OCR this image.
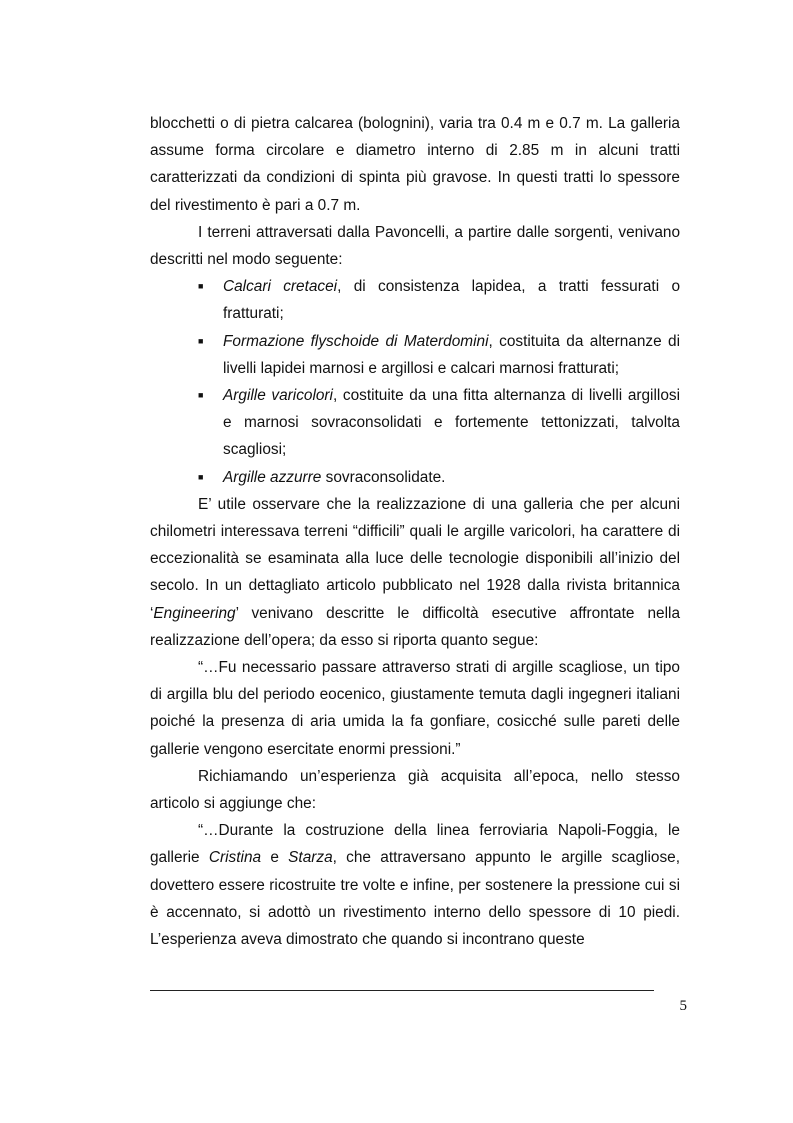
blocchetti o di pietra calcarea (bolognini), varia tra 0.4 m e 0.7 m. La galleria assume forma circolare e diametro interno di 2.85 m in alcuni tratti caratterizzati da condizioni di spinta più gravose. In questi tratti lo spessore del rivestimento è pari a 0.7 m.

I terreni attraversati dalla Pavoncelli, a partire dalle sorgenti, venivano descritti nel modo seguente:

■ Calcari cretacei, di consistenza lapidea, a tratti fessurati o fratturati;
■ Formazione flyschoide di Materdomini, costituita da alternanze di livelli lapidei marnosi e argillosi e calcari marnosi fratturati;
■ Argille varicolori, costituite da una fitta alternanza di livelli argillosi e marnosi sovraconsolidati e fortemente tettonizzati, talvolta scagliosi;
■ Argille azzurre sovraconsolidate.

E’ utile osservare che la realizzazione di una galleria che per alcuni chilometri interessava terreni “difficili” quali le argille varicolori, ha carattere di eccezionalità se esaminata alla luce delle tecnologie disponibili all’inizio del secolo. In un dettagliato articolo pubblicato nel 1928 dalla rivista britannica ‘Engineering’ venivano descritte le difficoltà esecutive affrontate nella realizzazione dell’opera; da esso si riporta quanto segue:

“…Fu necessario passare attraverso strati di argille scagliose, un tipo di argilla blu del periodo eocenico, giustamente temuta dagli ingegneri italiani poiché la presenza di aria umida la fa gonfiare, cosicché sulle pareti delle gallerie vengono esercitate enormi pressioni.”

Richiamando un’esperienza già acquisita all’epoca, nello stesso articolo si aggiunge che:

“…Durante la costruzione della linea ferroviaria Napoli-Foggia, le gallerie Cristina e Starza, che attraversano appunto le argille scagliose, dovettero essere ricostruite tre volte e infine, per sostenere la pressione cui si è accennato, si adottò un rivestimento interno dello spessore di 10 piedi. L’esperienza aveva dimostrato che quando si incontrano queste

5
